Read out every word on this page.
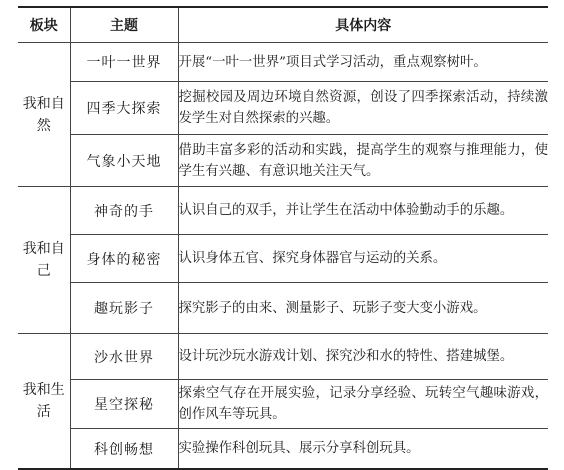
板块	主题	具体内容
我和自然	一叶一世界	开展“一叶一世界”项目式学习活动，重点观察树叶。
	四季大探索	挖掘校园及周边环境自然资源，创设了四季探索活动，持续激发学生对自然探索的兴趣。
	气象小天地	借助丰富多彩的活动和实践，提高学生的观察与推理能力，使学生有兴趣、有意识地关注天气。
我和自己	神奇的手	认识自己的双手，并让学生在活动中体验勤动手的乐趣。
	身体的秘密	认识身体五官、探究身体器官与运动的关系。
	趣玩影子	探究影子的由来、测量影子、玩影子变大变小游戏。
我和生活	沙水世界	设计玩沙玩水游戏计划、探究沙和水的特性、搭建城堡。
	星空探秘	探索空气存在开展实验，记录分享经验、玩转空气趣味游戏，创作风车等玩具。
	科创畅想	实验操作科创玩具、展示分享科创玩具。
